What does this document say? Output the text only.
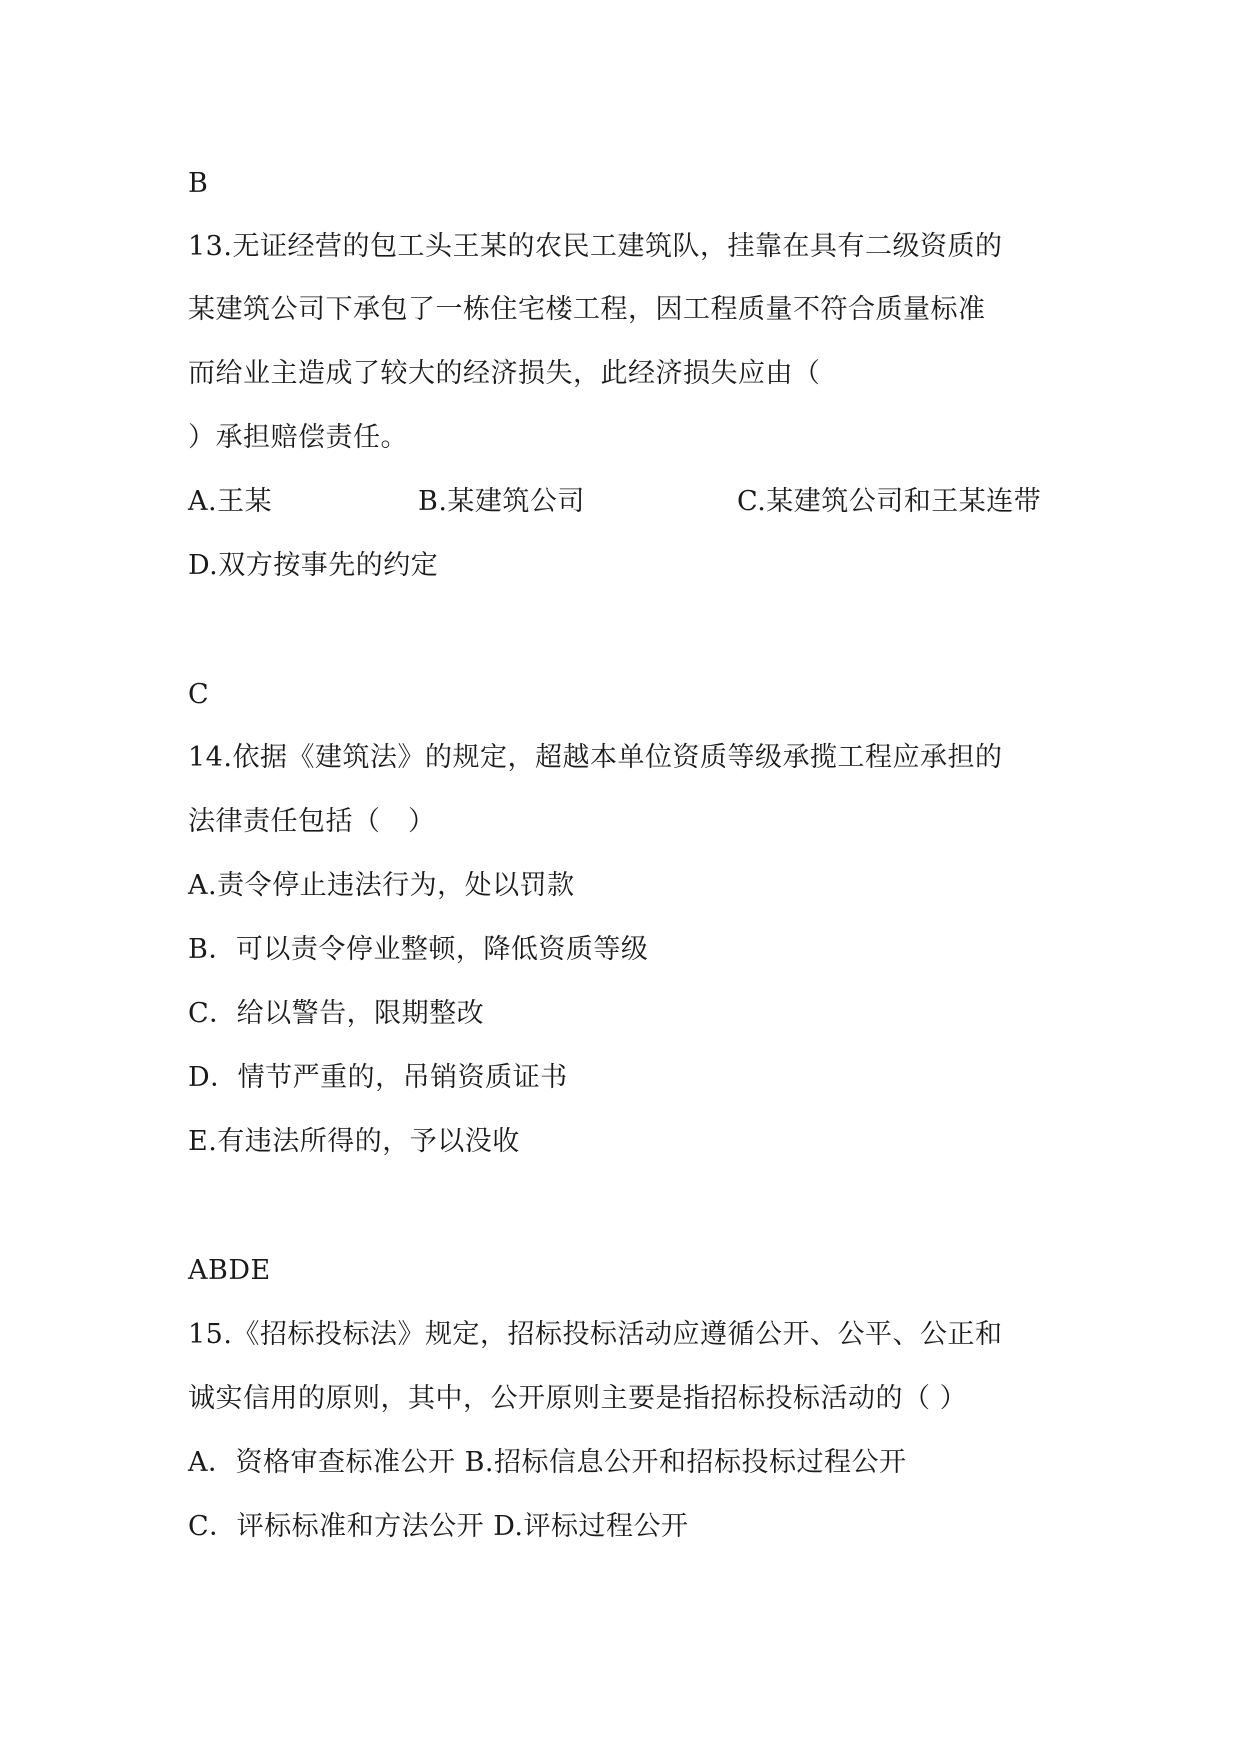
B
13.无证经营的包工头王某的农民工建筑队，挂靠在具有二级资质的
某建筑公司下承包了一栋住宅楼工程，因工程质量不符合质量标准
而给业主造成了较大的经济损失，此经济损失应由（
）承担赔偿责任。
A.王某	B.某建筑公司	C.某建筑公司和王某连带
D.双方按事先的约定
C
14.依据《建筑法》的规定，超越本单位资质等级承揽工程应承担的
法律责任包括（　）
A.责令停止违法行为，处以罚款
B．可以责令停业整顿，降低资质等级
C．给以警告，限期整改
D．情节严重的，吊销资质证书
E.有违法所得的，予以没收
ABDE
15.《招标投标法》规定，招标投标活动应遵循公开、公平、公正和
诚实信用的原则，其中，公开原则主要是指招标投标活动的（ ）
A．资格审查标准公开 B.招标信息公开和招标投标过程公开
C．评标标准和方法公开 D.评标过程公开
